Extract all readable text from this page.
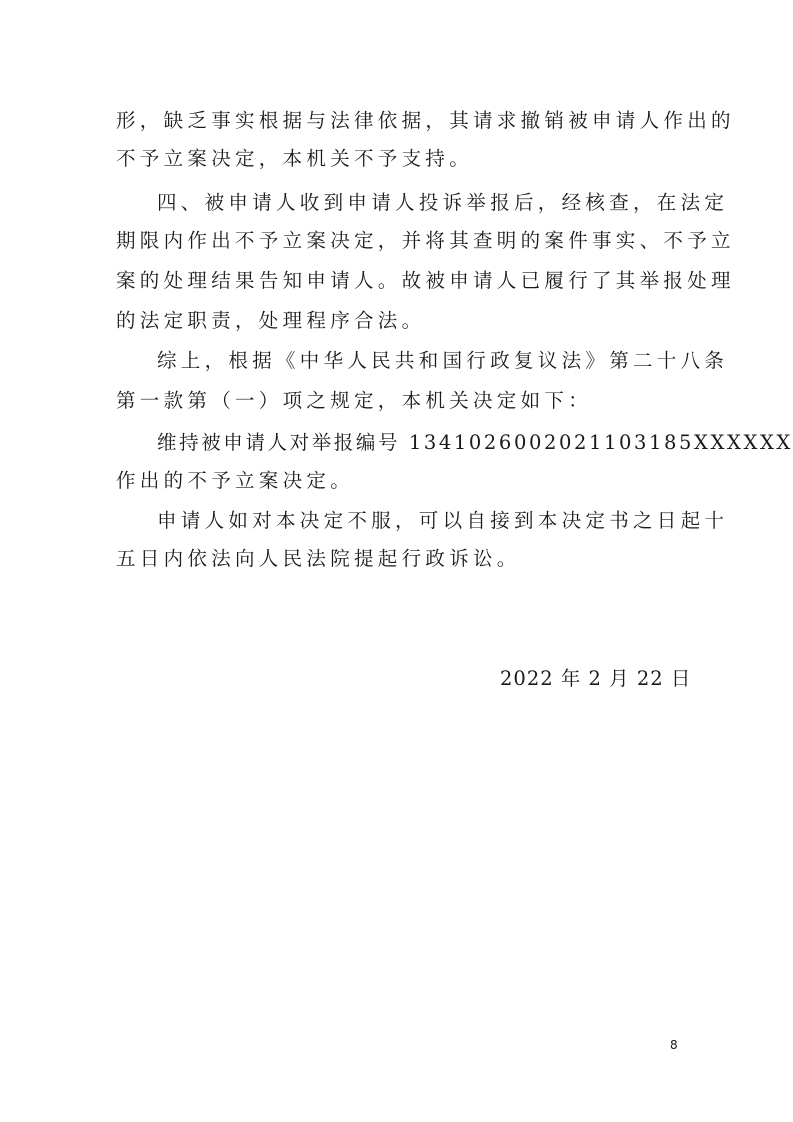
形，缺乏事实根据与法律依据，其请求撤销被申请人作出的
不予立案决定，本机关不予支持。
四、被申请人收到申请人投诉举报后，经核查，在法定
期限内作出不予立案决定，并将其查明的案件事实、不予立
案的处理结果告知申请人。故被申请人已履行了其举报处理
的法定职责，处理程序合法。
综上，根据《中华人民共和国行政复议法》第二十八条
第一款第（一）项之规定，本机关决定如下：
维持被申请人对举报编号 1341026002021103185XXXXXX
作出的不予立案决定。
申请人如对本决定不服，可以自接到本决定书之日起十
五日内依法向人民法院提起行政诉讼。
2022 年 2 月 22 日
8
